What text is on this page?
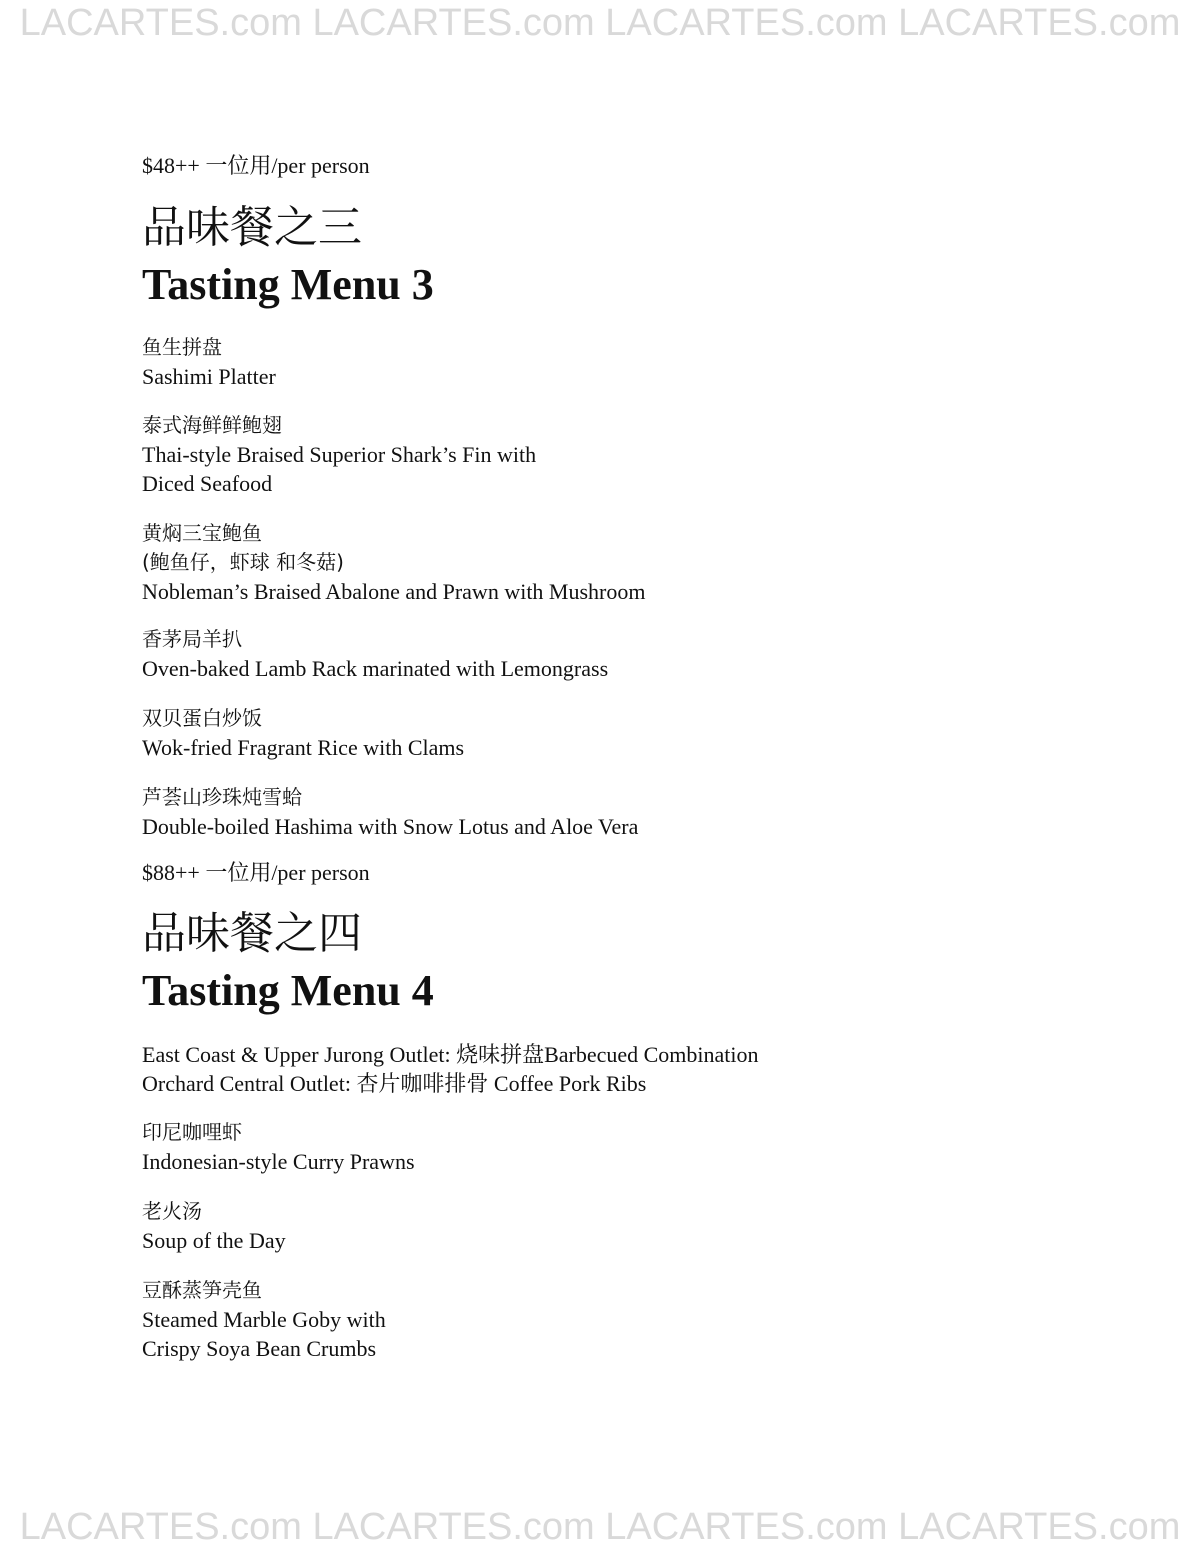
LACARTES.com LACARTES.com LACARTES.com LACARTES.com
$48++ 一位用/per person
品味餐之三
Tasting Menu 3
鱼生拼盘
Sashimi Platter
泰式海鲜鲜鲍翅
Thai-style Braised Superior Shark’s Fin with
Diced Seafood
黄焖三宝鲍鱼
(鲍鱼仔，虾球 和冬菇)
Nobleman’s Braised Abalone and Prawn with Mushroom
香茅局羊扒
Oven-baked Lamb Rack marinated with Lemongrass
双贝蛋白炒饭
Wok-fried Fragrant Rice with Clams
芦荟山珍珠炖雪蛤
Double-boiled Hashima with Snow Lotus and Aloe Vera
$88++ 一位用/per person
品味餐之四
Tasting Menu 4
East Coast & Upper Jurong Outlet: 烧味拼盘Barbecued Combination
Orchard Central Outlet: 杏片咖啡排骨 Coffee Pork Ribs
印尼咖哩虾
Indonesian-style Curry Prawns
老火汤
Soup of the Day
豆酥蒸笋壳鱼
Steamed Marble Goby with
Crispy Soya Bean Crumbs
LACARTES.com LACARTES.com LACARTES.com LACARTES.com
